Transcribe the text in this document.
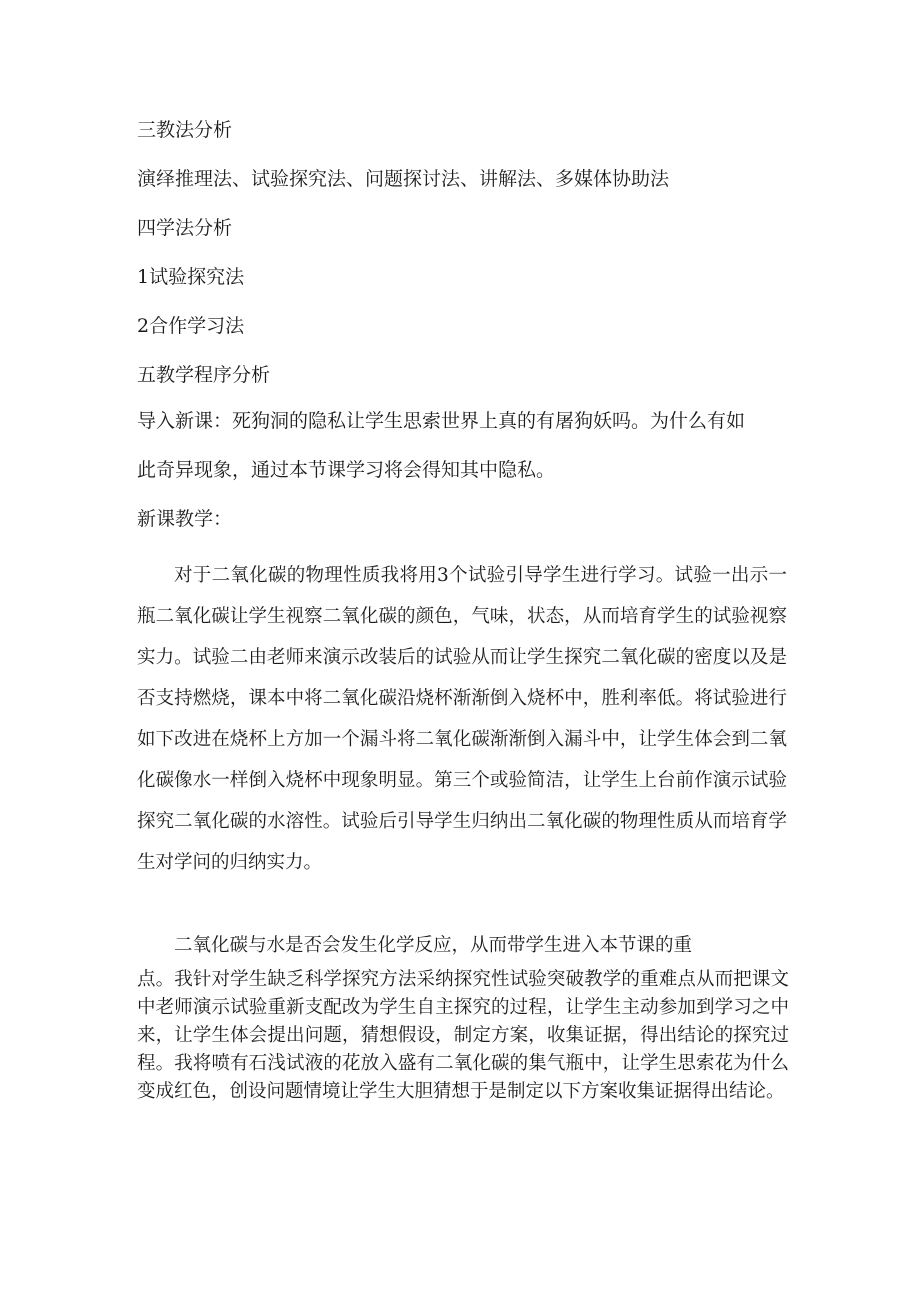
三教法分析
演绎推理法、试验探究法、问题探讨法、讲解法、多媒体协助法
四学法分析
1试验探究法
2合作学习法
五教学程序分析
导入新课：死狗洞的隐私让学生思索世界上真的有屠狗妖吗。为什么有如
此奇异现象，通过本节课学习将会得知其中隐私。
新课教学：
对于二氧化碳的物理性质我将用3个试验引导学生进行学习。试验一出示一瓶二氧化碳让学生视察二氧化碳的颜色，气味，状态，从而培育学生的试验视察实力。试验二由老师来演示改装后的试验从而让学生探究二氧化碳的密度以及是否支持燃烧，课本中将二氧化碳沿烧杯渐渐倒入烧杯中，胜利率低。将试验进行如下改进在烧杯上方加一个漏斗将二氧化碳渐渐倒入漏斗中，让学生体会到二氧化碳像水一样倒入烧杯中现象明显。第三个或验简洁，让学生上台前作演示试验探究二氧化碳的水溶性。试验后引导学生归纳出二氧化碳的物理性质从而培育学生对学问的归纳实力。
二氧化碳与水是否会发生化学反应，从而带学生进入本节课的重
点。我针对学生缺乏科学探究方法采纳探究性试验突破教学的重难点从而把课文中老师演示试验重新支配改为学生自主探究的过程，让学生主动参加到学习之中来，让学生体会提出问题，猜想假设，制定方案，收集证据，得出结论的探究过程。我将喷有石浅试液的花放入盛有二氧化碳的集气瓶中，让学生思索花为什么变成红色，创设问题情境让学生大胆猜想于是制定以下方案收集证据得出结论。
